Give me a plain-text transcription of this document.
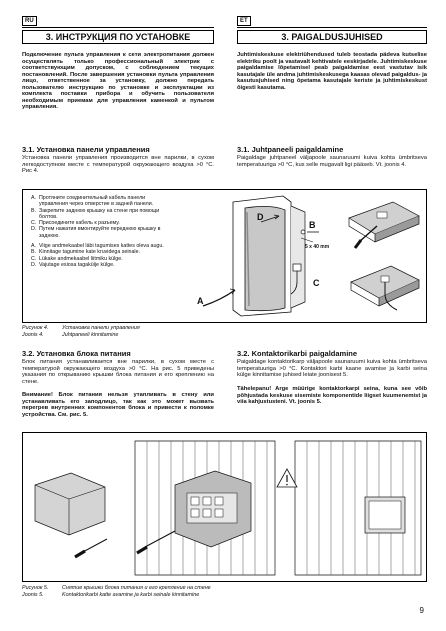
RU	ET
3. ИНСТРУКЦИЯ ПО УСТАНОВКЕ	3. PAIGALDUSJUHISED
Подключение пульта управления к сети электропитания должен осуществлять только профессиональный электрик с соответствующим допуском, с соблюдением текущих постановлений. После завершения установки пульта управления лицо, ответственное за установку, должно передать пользователю инструкцию по установке и эксплуатации из комплекта поставки прибора и обучить пользователя необходимым приемам для управления каменкой и пультом управления.
Juhtimiskeskuse elektriühendused tuleb teostada pädeva kutselise elektriku poolt ja vastavalt kehtivatele eeskirjadele. Juhtimiskeskuse paigaldamise lõpetamisel peab paigaldamise eest vastutav isik kasutajale üle andma juhtimiskeskusega kaasas olevad paigaldus- ja kasutusjuhised ning õpetama kasutajale keriste ja juhtimiskeskust õigesti kasutama.
3.1. Установка панели управления
Установка панели управления производится вне парилки, в сухом легкодоступном месте с температурой окружающего воздуха >0 °C. Рис 4.
3.1. Juhtpaneeli paigaldamine
Paigaldage juhtpaneel väljapoole saunaruumi kuiva kohta ümbritseva temperatuuriga >0 °C, kus selle mugavalt ligi pääseb. Vt. joonis 4.
A. Протяните соединительный кабель панели управления через отверстие в задней панели.
B. Закрепите заднюю крышку на стене при помощи болтов.
C. Присоедините кабель к разъему.
D. Путем нажатия вмонтируйте переднюю крышку в заднюю.
A. Viige andmekaabel läbi tagumises kattes oleva augu.
B. Kinnitage tagumine kate kruvidega seinale.
C. Lükake andmekaabel liitmiku külge.
D. Vajutage esiosa tagakülje külge.
D
B
5 x 40 mm
C
A
Рисунок 4.	Установка панели управления
Joonis 4.	Juhtpaneeli kinnitamine
3.2. Установка блока питания
Блок питания устанавливается вне парилки, в сухом месте с температурой окружающего воздуха >0 °C. На рис. 5 приведены указания по открыванию крышки блока питания и его креплению на стене.
Внимание! Блок питания нельзя утапливать в стену или устанавливать его заподлицо, так как это может вызвать перегрев внутренних компонентов блока и привести к поломке устройства. См. рис. 5.
3.2. Kontaktorikarbi paigaldamine
Paigaldage kontaktorikarp väljapoole saunaruumi kuiva kohta ümbritseva temperatuuriga >0 °C. Kontaktori karbi kaane avamise ja karbi seina külge kinnitamise juhised leiate joonisest 5.
Tähelepanu! Ärge müürige kontaktorkarpi seina, kuna see võib põhjustada keskuse sisemiste komponentide liigset kuumenemist ja viia kahjustusteni. Vt. joonis 5.
Рисунок 5.	Снятие крышки блока питания и его крепление на стене
Joonis 5.	Kontaktorikarbi katte avamine ja karbi seinale kinnitamine
9
